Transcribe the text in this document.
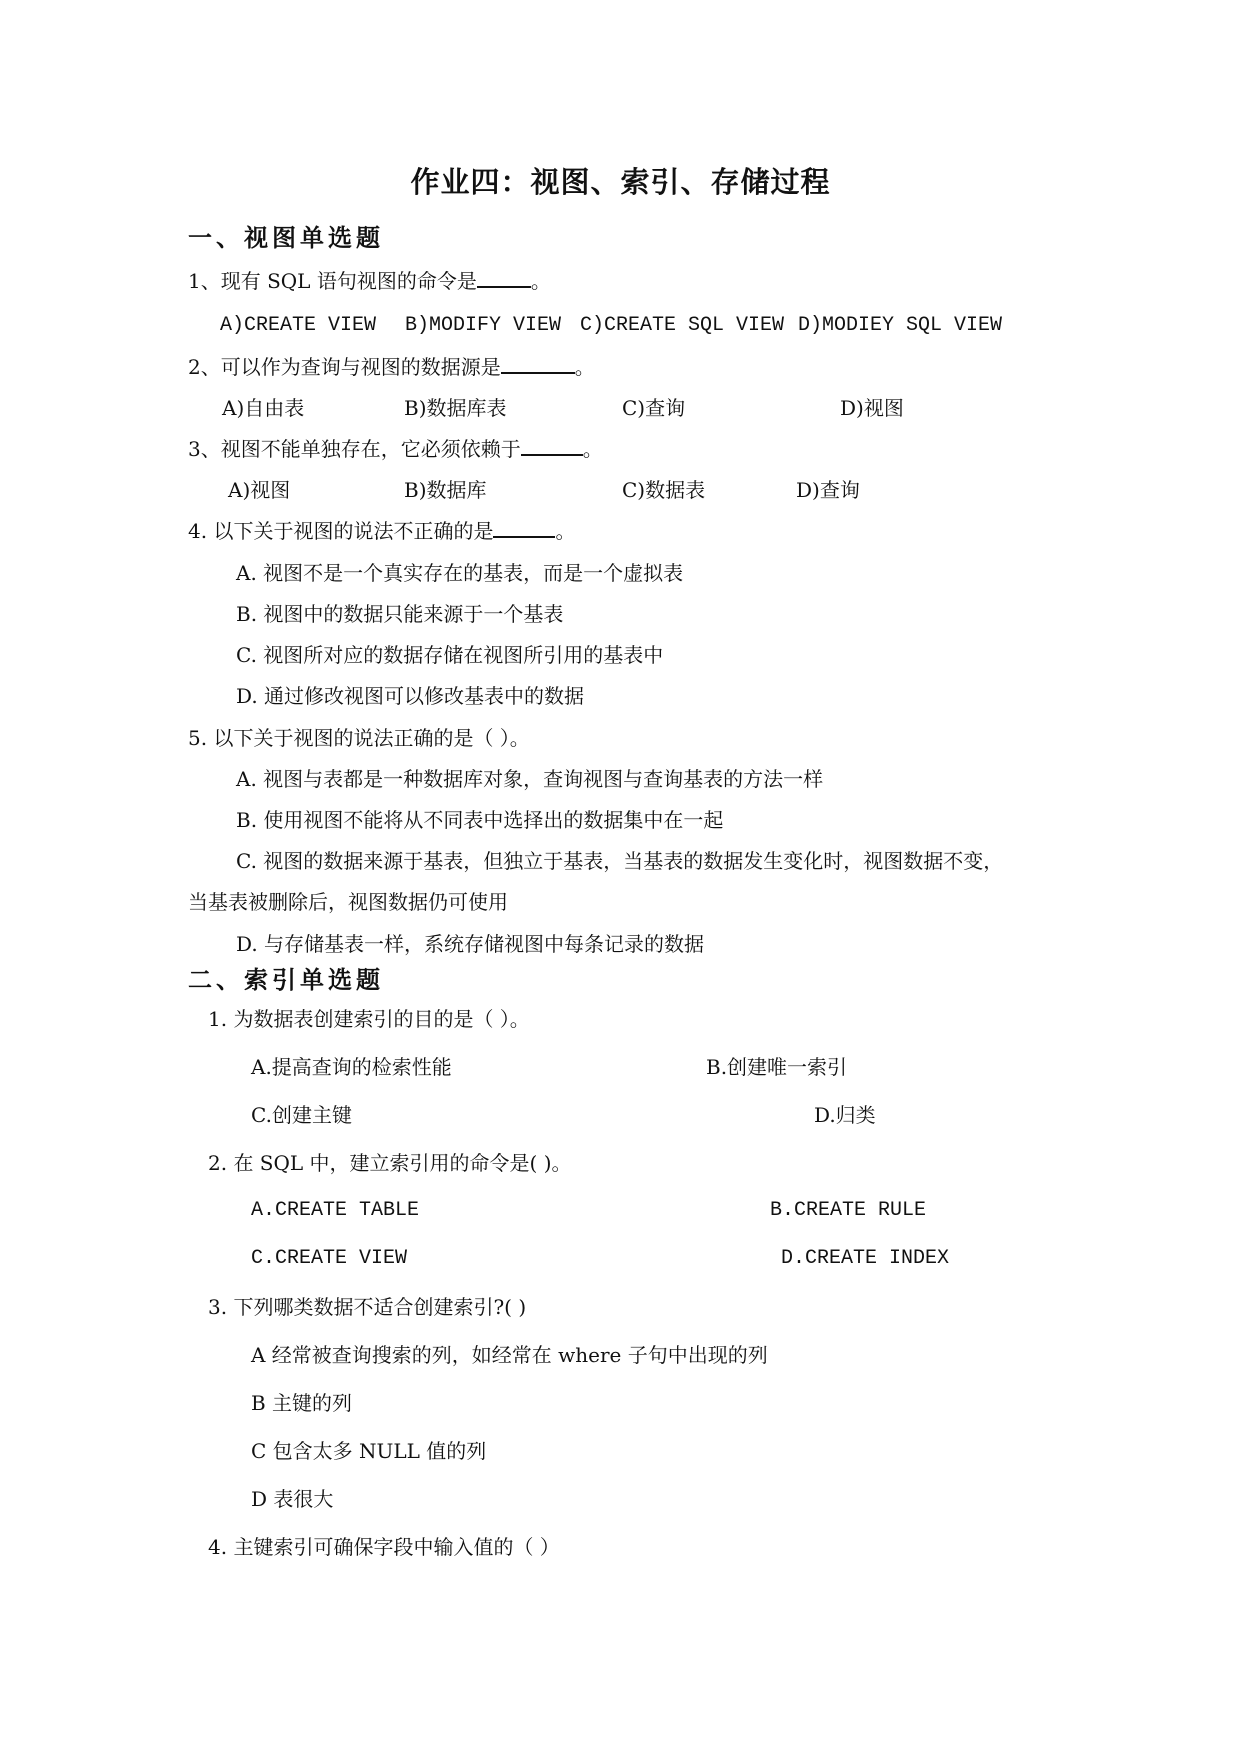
作业四：视图、索引、存储过程
一、视图单选题
1、现有 SQL 语句视图的命令是	。
A)CREATE VIEW B)MODIFY VIEW C)CREATE SQL VIEW D)MODIEY SQL VIEW
2、可以作为查询与视图的数据源是	。
A)自由表	B)数据库表	C)查询	D)视图
3、视图不能单独存在，它必须依赖于	。
A)视图	B)数据库	C)数据表	D)查询
4. 以下关于视图的说法不正确的是	。
A. 视图不是一个真实存在的基表，而是一个虚拟表
B. 视图中的数据只能来源于一个基表
C. 视图所对应的数据存储在视图所引用的基表中
D. 通过修改视图可以修改基表中的数据
5. 以下关于视图的说法正确的是（ ）。
A. 视图与表都是一种数据库对象，查询视图与查询基表的方法一样
B. 使用视图不能将从不同表中选择出的数据集中在一起
C. 视图的数据来源于基表，但独立于基表，当基表的数据发生变化时，视图数据不变，
当基表被删除后，视图数据仍可使用
D. 与存储基表一样，系统存储视图中每条记录的数据
二、索引单选题
1. 为数据表创建索引的目的是（ ）。
A.提高查询的检索性能	B.创建唯一索引
C.创建主键	D.归类
2. 在 SQL 中，建立索引用的命令是( )。
A.CREATE TABLE	B.CREATE RULE
C.CREATE VIEW	D.CREATE INDEX
3. 下列哪类数据不适合创建索引?( )
A 经常被查询搜索的列，如经常在 where 子句中出现的列
B 主键的列
C 包含太多 NULL 值的列
D 表很大
4. 主键索引可确保字段中输入值的（ ）
